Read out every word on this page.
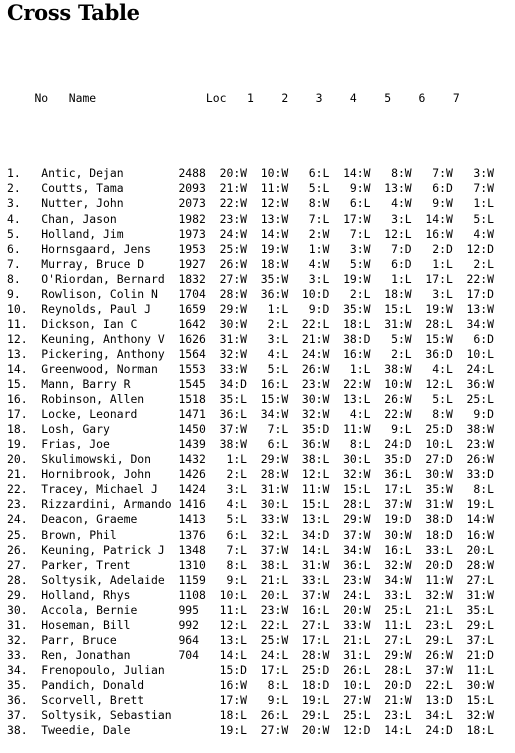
Cross Table

No   Name                Loc   1    2    3    4    5    6    7

1.   Antic, Dejan        2488  20:W  10:W   6:L  14:W   8:W   7:W   3:W
2.   Coutts, Tama        2093  21:W  11:W   5:L   9:W  13:W   6:D   7:W
3.   Nutter, John        2073  22:W  12:W   8:W   6:L   4:W   9:W   1:L
4.   Chan, Jason         1982  23:W  13:W   7:L  17:W   3:L  14:W   5:L
5.   Holland, Jim        1973  24:W  14:W   2:W   7:L  12:L  16:W   4:W
6.   Hornsgaard, Jens    1953  25:W  19:W   1:W   3:W   7:D   2:D  12:D
7.   Murray, Bruce D     1927  26:W  18:W   4:W   5:W   6:D   1:L   2:L
8.   O'Riordan, Bernard  1832  27:W  35:W   3:L  19:W   1:L  17:L  22:W
9.   Rowlison, Colin N   1704  28:W  36:W  10:D   2:L  18:W   3:L  17:D
10.  Reynolds, Paul J    1659  29:W   1:L   9:D  35:W  15:L  19:W  13:W
11.  Dickson, Ian C      1642  30:W   2:L  22:L  18:L  31:W  28:L  34:W
12.  Keuning, Anthony V  1626  31:W   3:L  21:W  38:D   5:W  15:W   6:D
13.  Pickering, Anthony  1564  32:W   4:L  24:W  16:W   2:L  36:D  10:L
14.  Greenwood, Norman   1553  33:W   5:L  26:W   1:L  38:W   4:L  24:L
15.  Mann, Barry R       1545  34:D  16:L  23:W  22:W  10:W  12:L  36:W
16.  Robinson, Allen     1518  35:L  15:W  30:W  13:L  26:W   5:L  25:L
17.  Locke, Leonard      1471  36:L  34:W  32:W   4:L  22:W   8:W   9:D
18.  Losh, Gary          1450  37:W   7:L  35:D  11:W   9:L  25:D  38:W
19.  Frias, Joe          1439  38:W   6:L  36:W   8:L  24:D  10:L  23:W
20.  Skulimowski, Don    1432   1:L  29:W  38:L  30:L  35:D  27:D  26:W
21.  Hornibrook, John    1426   2:L  28:W  12:L  32:W  36:L  30:W  33:D
22.  Tracey, Michael J   1424   3:L  31:W  11:W  15:L  17:L  35:W   8:L
23.  Rizzardini, Armando 1416   4:L  30:L  15:L  28:L  37:W  31:W  19:L
24.  Deacon, Graeme      1413   5:L  33:W  13:L  29:W  19:D  38:D  14:W
25.  Brown, Phil         1376   6:L  32:L  34:D  37:W  30:W  18:D  16:W
26.  Keuning, Patrick J  1348   7:L  37:W  14:L  34:W  16:L  33:L  20:L
27.  Parker, Trent       1310   8:L  38:L  31:W  36:L  32:W  20:D  28:W
28.  Soltysik, Adelaide  1159   9:L  21:L  33:L  23:W  34:W  11:W  27:L
29.  Holland, Rhys       1108  10:L  20:L  37:W  24:L  33:L  32:W  31:W
30.  Accola, Bernie      995   11:L  23:W  16:L  20:W  25:L  21:L  35:L
31.  Hoseman, Bill       992   12:L  22:L  27:L  33:W  11:L  23:L  29:L
32.  Parr, Bruce         964   13:L  25:W  17:L  21:L  27:L  29:L  37:L
33.  Ren, Jonathan       704   14:L  24:L  28:W  31:L  29:W  26:W  21:D
34.  Frenopoulo, Julian	15:D  17:L  25:D  26:L  28:L  37:W  11:L
35.  Pandich, Donald	16:W   8:L  18:D  10:L  20:D  22:L  30:W
36.  Scorvell, Brett	17:W   9:L  19:L  27:W  21:W  13:D  15:L
37.  Soltysik, Sebastian	18:L  26:L  29:L  25:L  23:L  34:L  32:W
38.  Tweedie, Dale	19:L  27:W  20:W  12:D  14:L  24:D  18:L
